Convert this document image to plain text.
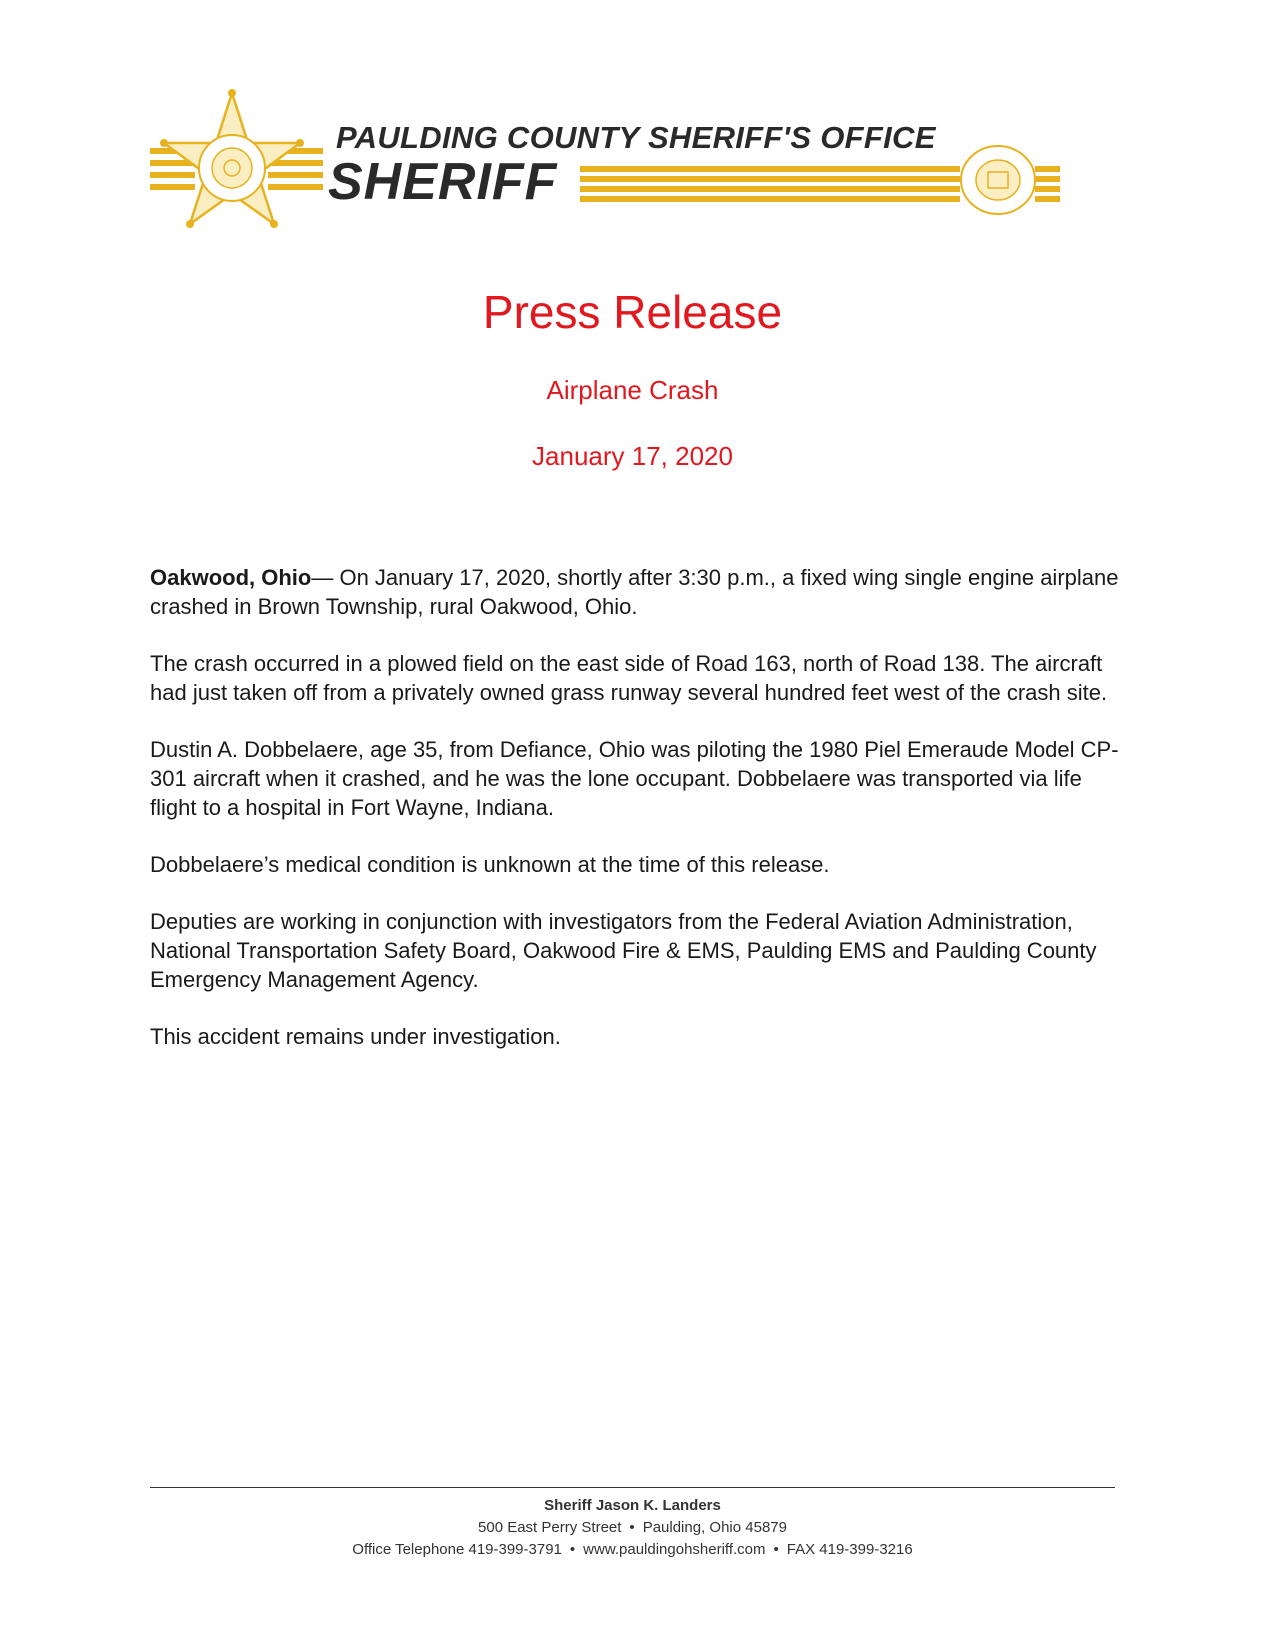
PAULDING COUNTY SHERIFF'S OFFICE
SHERIFF
Press Release
Airplane Crash
January 17, 2020

Oakwood, Ohio— On January 17, 2020, shortly after 3:30 p.m., a fixed wing single engine airplane crashed in Brown Township, rural Oakwood, Ohio.

The crash occurred in a plowed field on the east side of Road 163, north of Road 138. The aircraft had just taken off from a privately owned grass runway several hundred feet west of the crash site.

Dustin A. Dobbelaere, age 35, from Defiance, Ohio was piloting the 1980 Piel Emeraude Model CP-301 aircraft when it crashed, and he was the lone occupant. Dobbelaere was transported via life flight to a hospital in Fort Wayne, Indiana.

Dobbelaere’s medical condition is unknown at the time of this release.

Deputies are working in conjunction with investigators from the Federal Aviation Administration, National Transportation Safety Board, Oakwood Fire & EMS, Paulding EMS and Paulding County Emergency Management Agency.

This accident remains under investigation.

Sheriff Jason K. Landers
500 East Perry Street • Paulding, Ohio 45879
Office Telephone 419-399-3791 • www.pauldingohsheriff.com • FAX 419-399-3216
